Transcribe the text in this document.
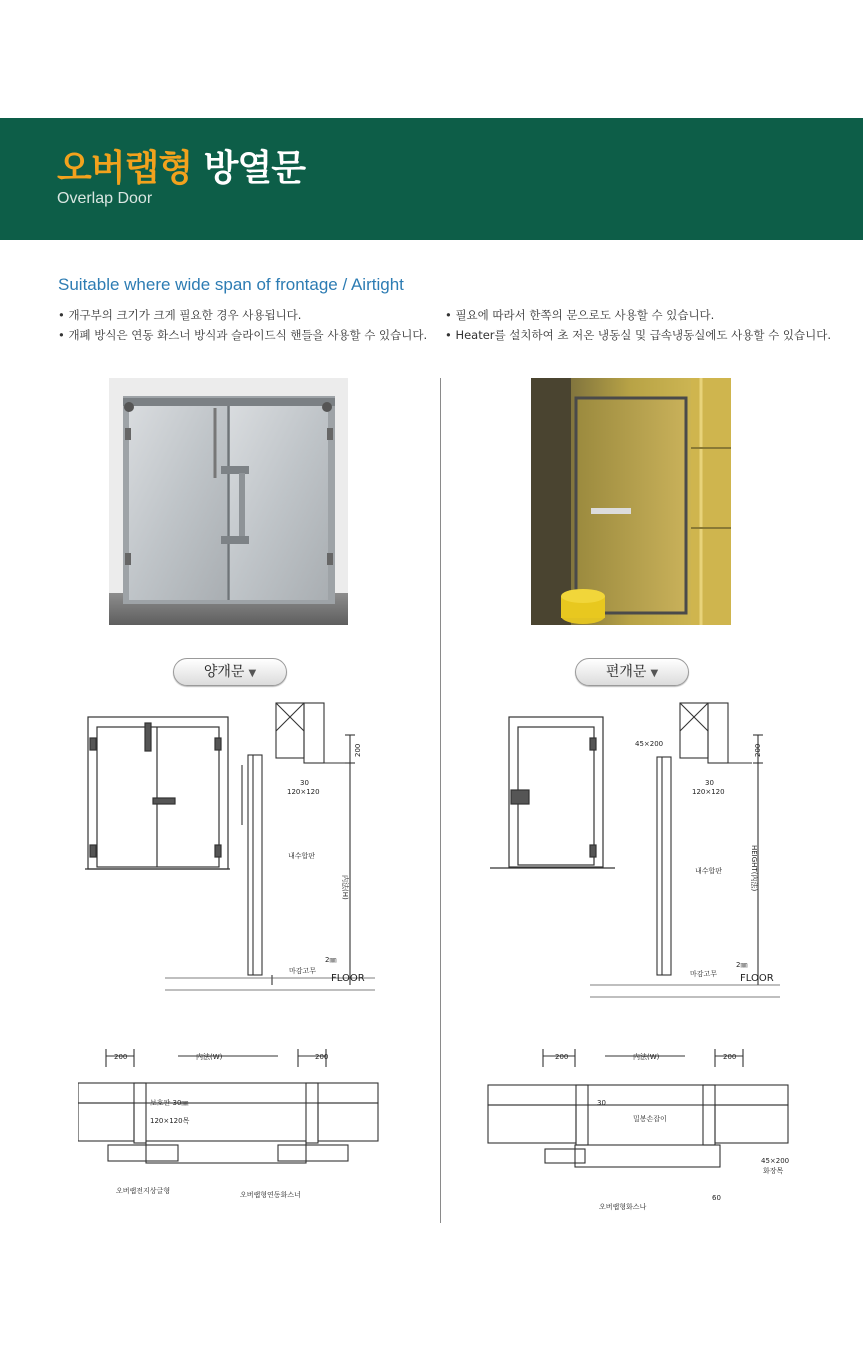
오버랩형 방열문
Overlap Door
Suitable where wide span of frontage / Airtight
• 개구부의 크기가 크게 필요한 경우 사용됩니다.
• 개폐 방식은 연동 화스너 방식과 슬라이드식 핸들을 사용할 수 있습니다.
• 필요에 따라서 한쪽의 문으로도 사용할 수 있습니다.
• Heater를 설치하여 초 저온 냉동실 및 급속냉동실에도 사용할 수 있습니다.
양개문 ▼	편개문 ▼
200
30
120×120
내수합판
内法(H)
2㎜
마감고무
FLOOR
45×200	200
30
120×120
내수합판	HEIGHT(內法)
2㎜
마감고무 FLOOR
200	内法(W)	200
보호판 30㎜
120×120목
오버랩전지상글형	오버랩형연동화스너
200	内法(W)	200
30
밀봉손잡이
45×200
화장목
60
오버랩형화스나
